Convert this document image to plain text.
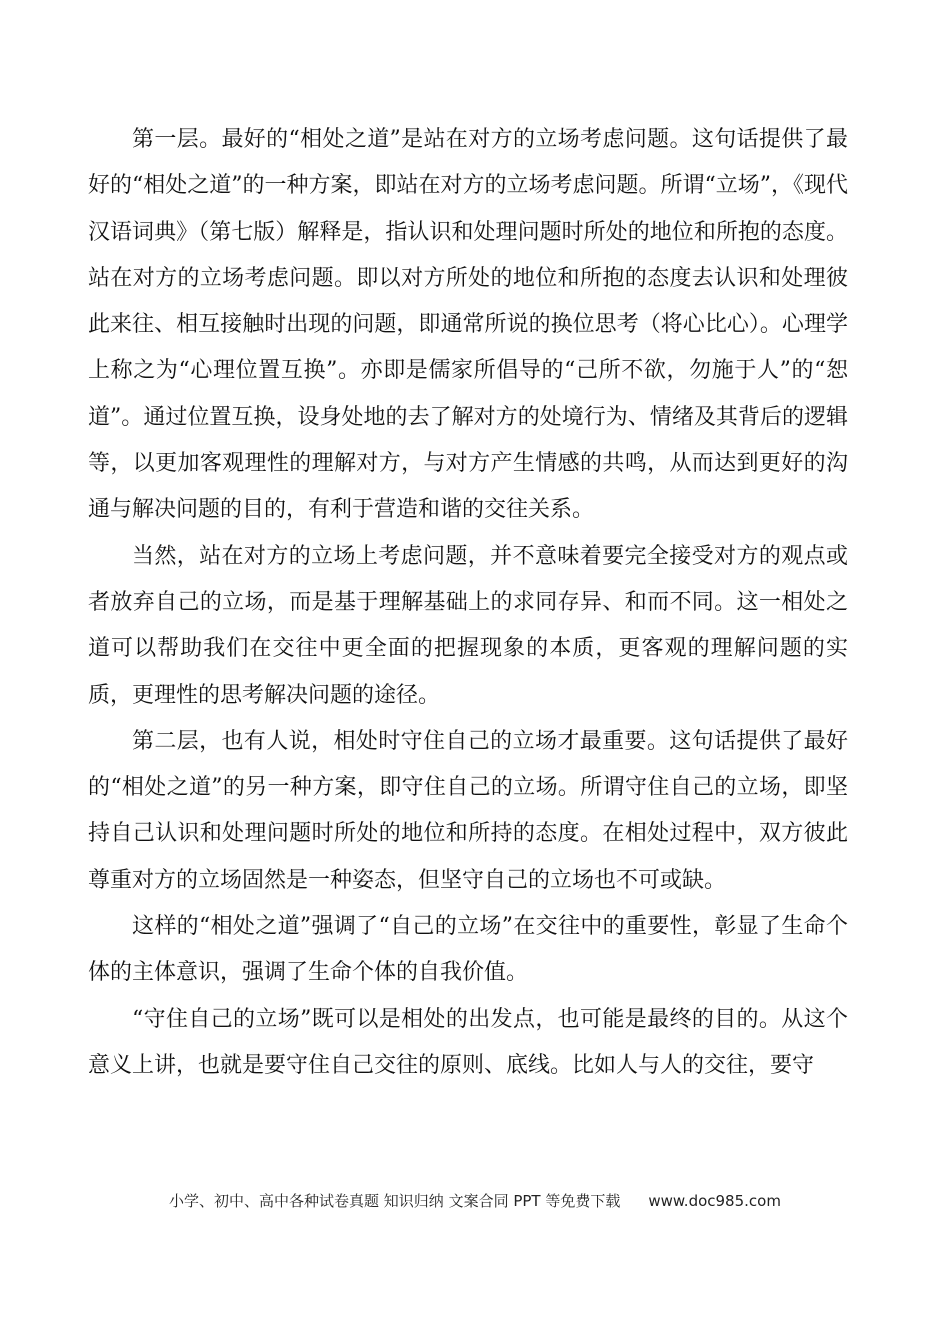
第一层。最好的“相处之道”是站在对方的立场考虑问题。这句话提供了最好的“相处之道”的一种方案，即站在对方的立场考虑问题。所谓“立场”，《现代汉语词典》（第七版）解释是，指认识和处理问题时所处的地位和所抱的态度。站在对方的立场考虑问题。即以对方所处的地位和所抱的态度去认识和处理彼此来往、相互接触时出现的问题，即通常所说的换位思考（将心比心）。心理学上称之为“心理位置互换”。亦即是儒家所倡导的“己所不欲，勿施于人”的“恕道”。通过位置互换，设身处地的去了解对方的处境行为、情绪及其背后的逻辑等，以更加客观理性的理解对方，与对方产生情感的共鸣，从而达到更好的沟通与解决问题的目的，有利于营造和谐的交往关系。

当然，站在对方的立场上考虑问题，并不意味着要完全接受对方的观点或者放弃自己的立场，而是基于理解基础上的求同存异、和而不同。这一相处之道可以帮助我们在交往中更全面的把握现象的本质，更客观的理解问题的实质，更理性的思考解决问题的途径。

第二层，也有人说，相处时守住自己的立场才最重要。这句话提供了最好的“相处之道”的另一种方案，即守住自己的立场。所谓守住自己的立场，即坚持自己认识和处理问题时所处的地位和所持的态度。在相处过程中，双方彼此尊重对方的立场固然是一种姿态，但坚守自己的立场也不可或缺。

这样的“相处之道”强调了“自己的立场”在交往中的重要性，彰显了生命个体的主体意识，强调了生命个体的自我价值。

“守住自己的立场”既可以是相处的出发点，也可能是最终的目的。从这个意义上讲，也就是要守住自己交往的原则、底线。比如人与人的交往，要守

小学、初中、高中各种试卷真题 知识归纳 文案合同 PPT 等免费下载 www.doc985.com
